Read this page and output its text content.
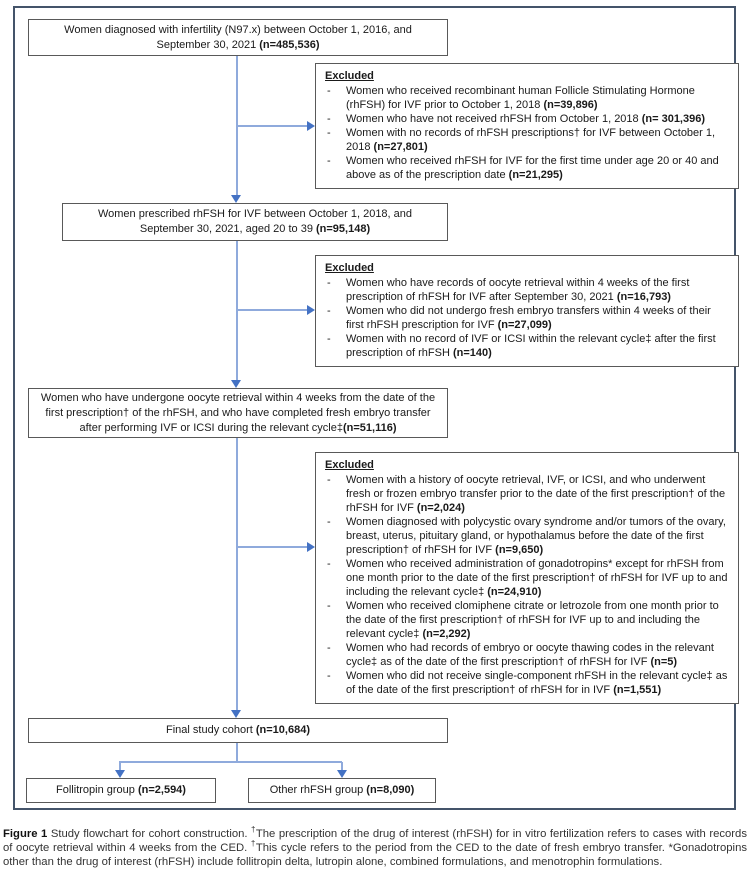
Women diagnosed with infertility (N97.x) between October 1, 2016, and September 30, 2021 (n=485,536)
Women prescribed rhFSH for IVF between October 1, 2018, and September 30, 2021, aged 20 to 39 (n=95,148)
Women who have undergone oocyte retrieval within 4 weeks from the date of the first prescription† of the rhFSH, and who have completed fresh embryo transfer after performing IVF or ICSI during the relevant cycle‡(n=51,116)
Final study cohort (n=10,684)
Follitropin group (n=2,594)	Other rhFSH group (n=8,090)
Excluded
-	Women who received recombinant human Follicle Stimulating Hormone (rhFSH) for IVF prior to October 1, 2018 (n=39,896)
-	Women who have not received rhFSH from October 1, 2018 (n= 301,396)
-	Women with no records of rhFSH prescriptions† for IVF between October 1, 2018 (n=27,801)
-	Women who received rhFSH for IVF for the first time under age 20 or 40 and above as of the prescription date (n=21,295)
Excluded
-	Women who have records of oocyte retrieval within 4 weeks of the first prescription of rhFSH for IVF after September 30, 2021 (n=16,793)
-	Women who did not undergo fresh embryo transfers within 4 weeks of their first rhFSH prescription for IVF (n=27,099)
-	Women with no record of IVF or ICSI within the relevant cycle‡ after the first prescription of rhFSH (n=140)
Excluded
-	Women with a history of oocyte retrieval, IVF, or ICSI, and who underwent fresh or frozen embryo transfer prior to the date of the first prescription† of the rhFSH for IVF (n=2,024)
-	Women diagnosed with polycystic ovary syndrome and/or tumors of the ovary, breast, uterus, pituitary gland, or hypothalamus before the date of the first prescription† of rhFSH for IVF (n=9,650)
-	Women who received administration of gonadotropins* except for rhFSH from one month prior to the date of the first prescription† of rhFSH for IVF up to and including the relevant cycle‡ (n=24,910)
-	Women who received clomiphene citrate or letrozole from one month prior to the date of the first prescription† of rhFSH for IVF up to and including the relevant cycle‡ (n=2,292)
-	Women who had records of embryo or oocyte thawing codes in the relevant cycle‡ as of the date of the first prescription† of rhFSH for IVF (n=5)
-	Women who did not receive single-component rhFSH in the relevant cycle‡ as of the date of the first prescription† of rhFSH for in IVF (n=1,551)
Figure 1 Study flowchart for cohort construction. †The prescription of the drug of interest (rhFSH) for in vitro fertilization refers to cases with records of oocyte retrieval within 4 weeks from the CED. †This cycle refers to the period from the CED to the date of fresh embryo transfer. *Gonadotropins other than the drug of interest (rhFSH) include follitropin delta, lutropin alone, combined formulations, and menotrophin formulations.
